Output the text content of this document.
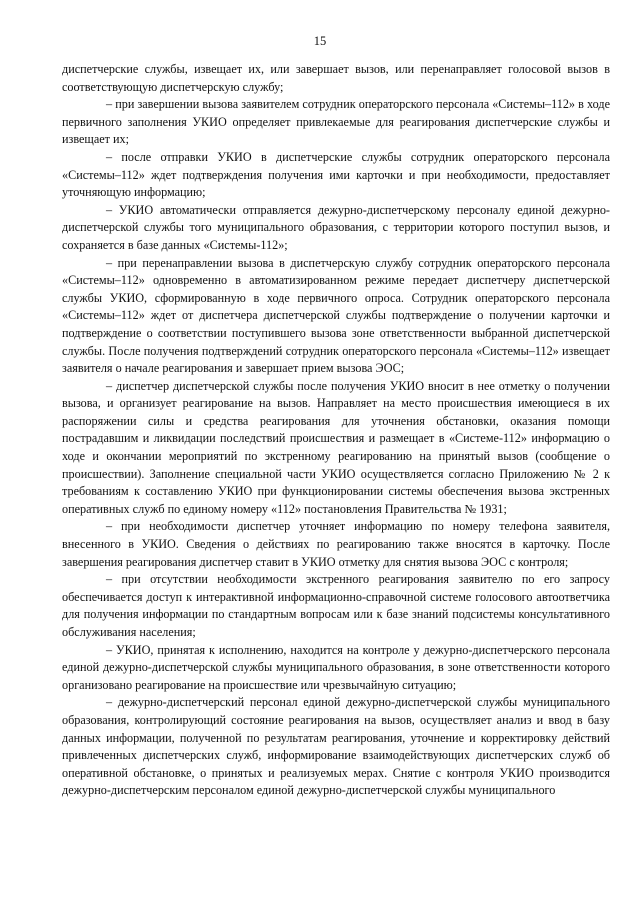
15

диспетчерские службы, извещает их, или завершает вызов, или перенаправляет голосовой вызов в соответствующую диспетчерскую службу;

– при завершении вызова заявителем сотрудник операторского персонала «Системы–112» в ходе первичного заполнения УКИО определяет привлекаемые для реагирования диспетчерские службы и извещает их;

– после отправки УКИО в диспетчерские службы сотрудник операторского персонала «Системы–112» ждет подтверждения получения ими карточки и при необходимости, предоставляет уточняющую информацию;

– УКИО автоматически отправляется дежурно-диспетчерскому персоналу единой дежурно-диспетчерской службы того муниципального образования, с территории которого поступил вызов, и сохраняется в базе данных «Системы-112»;

– при перенаправлении вызова в диспетчерскую службу сотрудник операторского персонала «Системы–112» одновременно в автоматизированном режиме передает диспетчеру диспетчерской службы УКИО, сформированную в ходе первичного опроса. Сотрудник операторского персонала «Системы–112» ждет от диспетчера диспетчерской службы подтверждение о получении карточки и подтверждение о соответствии поступившего вызова зоне ответственности выбранной диспетчерской службы. После получения подтверждений сотрудник операторского персонала «Системы–112» извещает заявителя о начале реагирования и завершает прием вызова ЭОС;

– диспетчер диспетчерской службы после получения УКИО вносит в нее отметку о получении вызова, и организует реагирование на вызов. Направляет на место происшествия имеющиеся в их распоряжении силы и средства реагирования для уточнения обстановки, оказания помощи пострадавшим и ликвидации последствий происшествия и размещает в «Системе-112» информацию о ходе и окончании мероприятий по экстренному реагированию на принятый вызов (сообщение о происшествии). Заполнение специальной части УКИО осуществляется согласно Приложению № 2 к требованиям к составлению УКИО при функционировании системы обеспечения вызова экстренных оперативных служб по единому номеру «112» постановления Правительства № 1931;

– при необходимости диспетчер уточняет информацию по номеру телефона заявителя, внесенного в УКИО. Сведения о действиях по реагированию также вносятся в карточку. После завершения реагирования диспетчер ставит в УКИО отметку для снятия вызова ЭОС с контроля;

– при отсутствии необходимости экстренного реагирования заявителю по его запросу обеспечивается доступ к интерактивной информационно-справочной системе голосового автоответчика для получения информации по стандартным вопросам или к базе знаний подсистемы консультативного обслуживания населения;

– УКИО, принятая к исполнению, находится на контроле у дежурно-диспетчерского персонала единой дежурно-диспетчерской службы муниципального образования, в зоне ответственности которого организовано реагирование на происшествие или чрезвычайную ситуацию;

– дежурно-диспетчерский персонал единой дежурно-диспетчерской службы муниципального образования, контролирующий состояние реагирования на вызов, осуществляет анализ и ввод в базу данных информации, полученной по результатам реагирования, уточнение и корректировку действий привлеченных диспетчерских служб, информирование взаимодействующих диспетчерских служб об оперативной обстановке, о принятых и реализуемых мерах. Снятие с контроля УКИО производится дежурно-диспетчерским персоналом единой дежурно-диспетчерской службы муниципального
